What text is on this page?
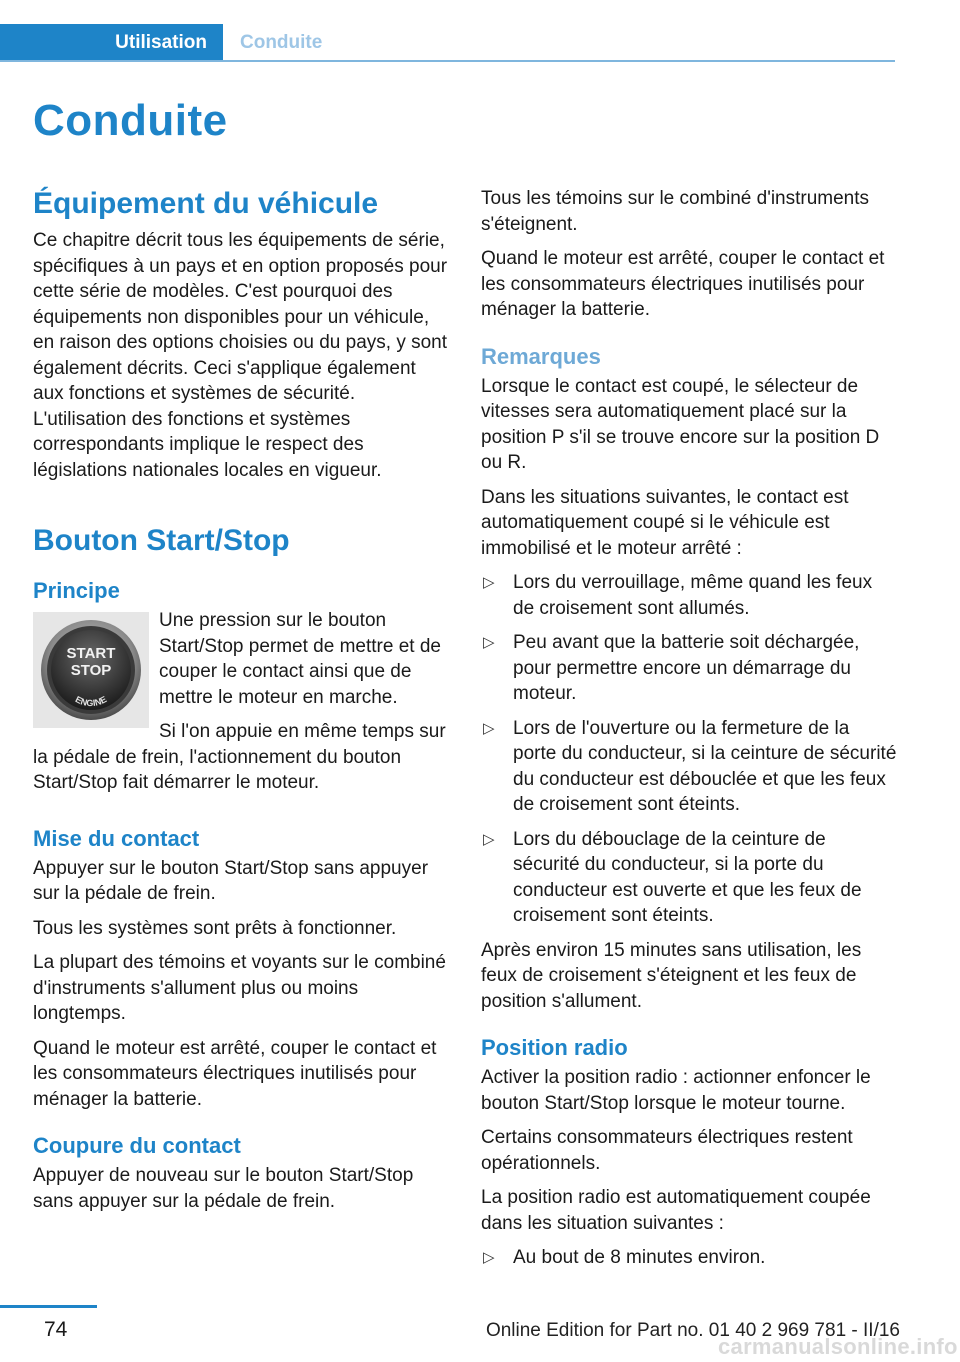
Utilisation	Conduite
Conduite
Équipement du véhicule

Ce chapitre décrit tous les équipements de série, spécifiques à un pays et en option proposés pour cette série de modèles. C'est pourquoi des équipements non disponibles pour un véhicule, en raison des options choisies ou du pays, y sont également décrits. Ceci s'applique également aux fonctions et systèmes de sécurité. L'utilisation des fonctions et systèmes correspondants implique le respect des législations nationales locales en vigueur.

Bouton Start/Stop
Principe
START
STOP
ENGINE

Une pression sur le bouton Start/Stop permet de mettre et de couper le contact ainsi que de mettre le moteur en marche.

Si l'on appuie en même temps sur la pédale de frein, l'actionnement du bouton Start/Stop fait démarrer le moteur.

Mise du contact

Appuyer sur le bouton Start/Stop sans appuyer sur la pédale de frein.

Tous les systèmes sont prêts à fonctionner.

La plupart des témoins et voyants sur le combiné d'instruments s'allument plus ou moins longtemps.

Quand le moteur est arrêté, couper le contact et les consommateurs électriques inutilisés pour ménager la batterie.

Coupure du contact

Appuyer de nouveau sur le bouton Start/Stop sans appuyer sur la pédale de frein.

Tous les témoins sur le combiné d'instruments s'éteignent.

Quand le moteur est arrêté, couper le contact et les consommateurs électriques inutilisés pour ménager la batterie.

Remarques

Lorsque le contact est coupé, le sélecteur de vitesses sera automatiquement placé sur la position P s'il se trouve encore sur la position D ou R.

Dans les situations suivantes, le contact est automatiquement coupé si le véhicule est immobilisé et le moteur arrêté :

▷ Lors du verrouillage, même quand les feux de croisement sont allumés.
▷ Peu avant que la batterie soit déchargée, pour permettre encore un démarrage du moteur.
▷ Lors de l'ouverture ou la fermeture de la porte du conducteur, si la ceinture de sécurité du conducteur est débouclée et que les feux de croisement sont éteints.
▷ Lors du débouclage de la ceinture de sécurité du conducteur, si la porte du conducteur est ouverte et que les feux de croisement sont éteints.

Après environ 15 minutes sans utilisation, les feux de croisement s'éteignent et les feux de position s'allument.

Position radio

Activer la position radio : actionner enfoncer le bouton Start/Stop lorsque le moteur tourne.

Certains consommateurs électriques restent opérationnels.

La position radio est automatiquement coupée dans les situation suivantes :

▷ Au bout de 8 minutes environ.
74	Online Edition for Part no. 01 40 2 969 781 - II/16
carmanualsonline.info
